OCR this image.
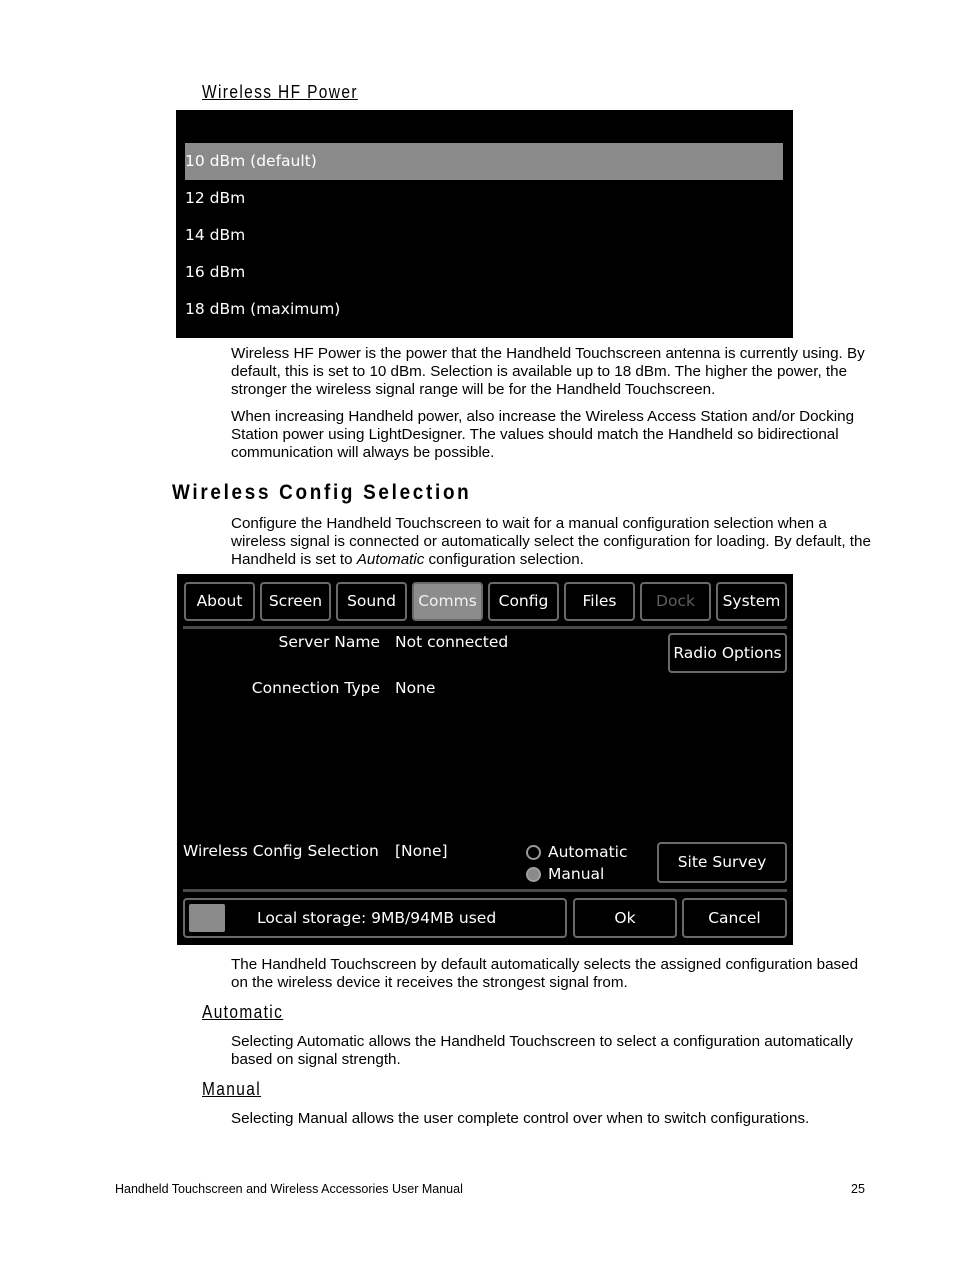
Wireless HF Power
10 dBm (default)
12 dBm
14 dBm
16 dBm
18 dBm (maximum)

Wireless HF Power is the power that the Handheld Touchscreen antenna is currently using. By default, this is set to 10 dBm. Selection is available up to 18 dBm. The higher the power, the stronger the wireless signal range will be for the Handheld Touchscreen.

When increasing Handheld power, also increase the Wireless Access Station and/or Docking Station power using LightDesigner. The values should match the Handheld so bidirectional communication will always be possible.

Wireless Config Selection

Configure the Handheld Touchscreen to wait for a manual configuration selection when a wireless signal is connected or automatically select the configuration for loading. By default, the Handheld is set to Automatic configuration selection.

About	Screen	Sound	Comms	Config	Files	Dock	System
Server Name Not connected
Connection Type None
Radio Options
Wireless Config Selection [None]	Automatic
Manual
Site Survey
Local storage: 9MB/94MB used	Ok	Cancel

The Handheld Touchscreen by default automatically selects the assigned configuration based on the wireless device it receives the strongest signal from.

Automatic

Selecting Automatic allows the Handheld Touchscreen to select a configuration automatically based on signal strength.

Manual

Selecting Manual allows the user complete control over when to switch configurations.

Handheld Touchscreen and Wireless Accessories User Manual	25
